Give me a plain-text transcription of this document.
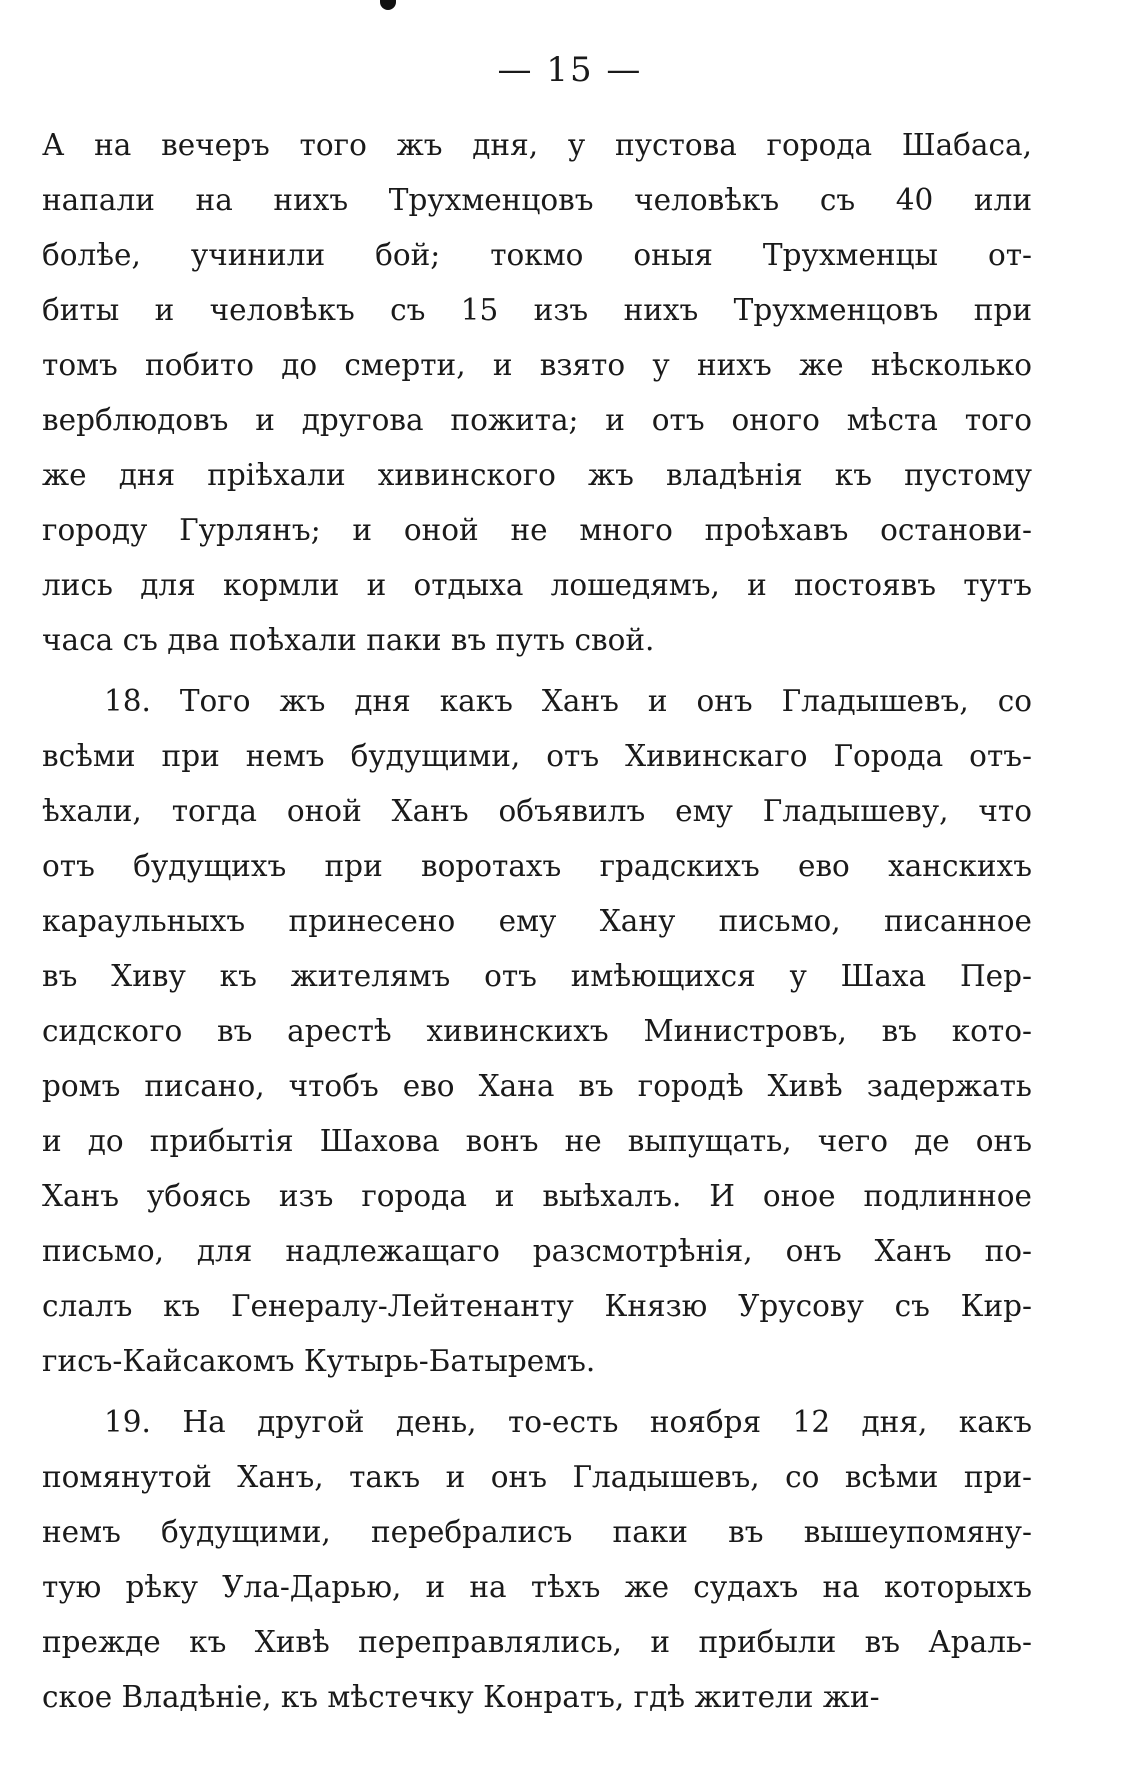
— 15 —
А на вечеръ того жъ дня, у пустова города Шабаса,
напали на нихъ Трухменцовъ человѣкъ съ 40 или
болѣе, учинили бой; токмо оныя Трухменцы от-
биты и человѣкъ съ 15 изъ нихъ Трухменцовъ при
томъ побито до смерти, и взято у нихъ же нѣсколько
верблюдовъ и другова пожита; и отъ оного мѣста того
же дня пріѣхали хивинского жъ владѣнія къ пустому
городу Гурлянъ; и оной не много проѣхавъ останови-
лись для кормли и отдыха лошедямъ, и постоявъ тутъ
часа съ два поѣхали паки въ путь свой.
18. Того жъ дня какъ Ханъ и онъ Гладышевъ, со
всѣми при немъ будущими, отъ Хивинскаго Города отъ-
ѣхали, тогда оной Ханъ объявилъ ему Гладышеву, что
отъ будущихъ при воротахъ градскихъ ево ханскихъ
караульныхъ принесено ему Хану письмо, писанное
въ Хиву къ жителямъ отъ имѣющихся у Шаха Пер-
сидского въ арестѣ хивинскихъ Министровъ, въ кото-
ромъ писано, чтобъ ево Хана въ городѣ Хивѣ задержать
и до прибытія Шахова вонъ не выпущать, чего де онъ
Ханъ убоясь изъ города и выѣхалъ. И оное подлинное
письмо, для надлежащаго разсмотрѣнія, онъ Ханъ по-
слалъ къ Генералу-Лейтенанту Князю Урусову съ Кир-
гисъ-Кайсакомъ Кутырь-Батыремъ.
19. На другой день, то-есть ноября 12 дня, какъ
помянутой Ханъ, такъ и онъ Гладышевъ, со всѣми при-
немъ будущими, перебралисъ паки въ вышеупомяну-
тую рѣку Ула-Дарью, и на тѣхъ же судахъ на которыхъ
прежде къ Хивѣ переправлялись, и прибыли въ Араль-
ское Владѣніе, къ мѣстечку Конратъ, гдѣ жители жи-
